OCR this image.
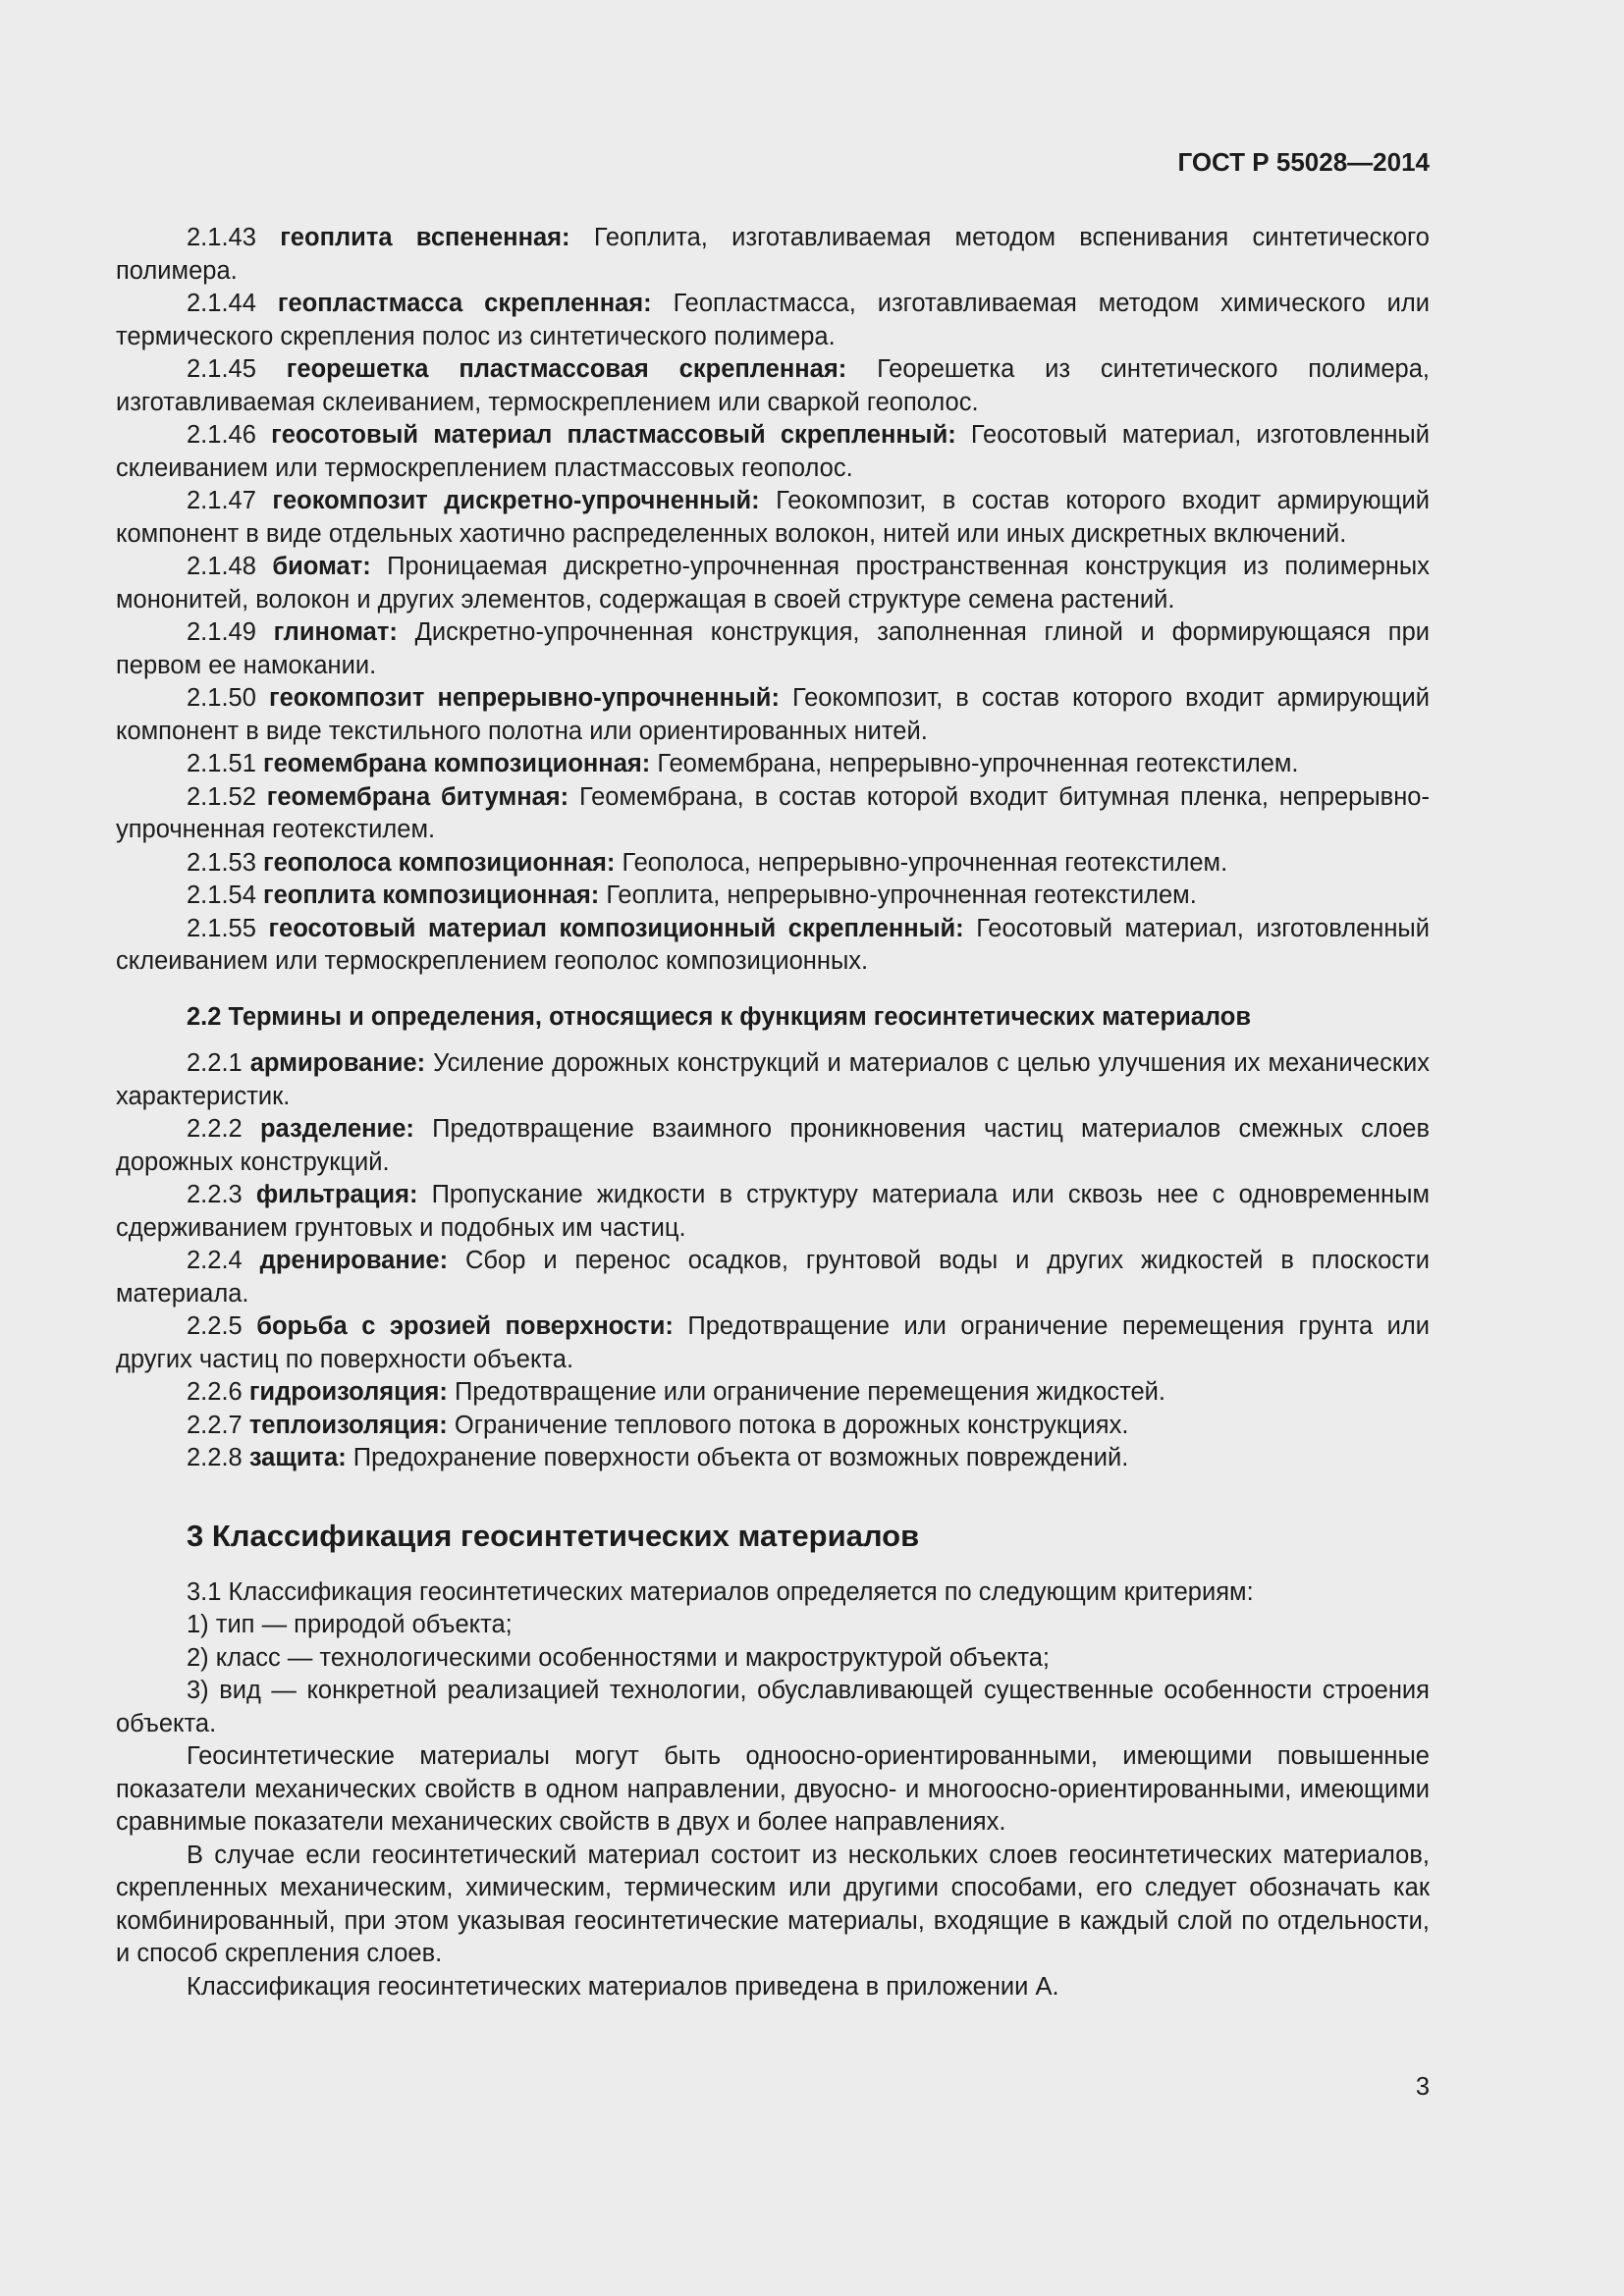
ГОСТ Р 55028—2014

2.1.43 геоплита вспененная: Геоплита, изготавливаемая методом вспенивания синтетического полимера.

2.1.44 геопластмасса скрепленная: Геопластмасса, изготавливаемая методом химического или термического скрепления полос из синтетического полимера.

2.1.45 георешетка пластмассовая скрепленная: Георешетка из синтетического полимера, изготавливаемая склеиванием, термоскреплением или сваркой геополос.

2.1.46 геосотовый материал пластмассовый скрепленный: Геосотовый материал, изготовленный склеиванием или термоскреплением пластмассовых геополос.

2.1.47 геокомпозит дискретно-упрочненный: Геокомпозит, в состав которого входит армирующий компонент в виде отдельных хаотично распределенных волокон, нитей или иных дискретных включений.

2.1.48 биомат: Проницаемая дискретно-упрочненная пространственная конструкция из полимерных мононитей, волокон и других элементов, содержащая в своей структуре семена растений.

2.1.49 глиномат: Дискретно-упрочненная конструкция, заполненная глиной и формирующаяся при первом ее намокании.

2.1.50 геокомпозит непрерывно-упрочненный: Геокомпозит, в состав которого входит армирующий компонент в виде текстильного полотна или ориентированных нитей.

2.1.51 геомембрана композиционная: Геомембрана, непрерывно-упрочненная геотекстилем.

2.1.52 геомембрана битумная: Геомембрана, в состав которой входит битумная пленка, непрерывно-упрочненная геотекстилем.

2.1.53 геополоса композиционная: Геополоса, непрерывно-упрочненная геотекстилем.

2.1.54 геоплита композиционная: Геоплита, непрерывно-упрочненная геотекстилем.

2.1.55 геосотовый материал композиционный скрепленный: Геосотовый материал, изготовленный склеиванием или термоскреплением геополос композиционных.

2.2 Термины и определения, относящиеся к функциям геосинтетических материалов

2.2.1 армирование: Усиление дорожных конструкций и материалов с целью улучшения их механических характеристик.

2.2.2 разделение: Предотвращение взаимного проникновения частиц материалов смежных слоев дорожных конструкций.

2.2.3 фильтрация: Пропускание жидкости в структуру материала или сквозь нее с одновременным сдерживанием грунтовых и подобных им частиц.

2.2.4 дренирование: Сбор и перенос осадков, грунтовой воды и других жидкостей в плоскости материала.

2.2.5 борьба с эрозией поверхности: Предотвращение или ограничение перемещения грунта или других частиц по поверхности объекта.

2.2.6 гидроизоляция: Предотвращение или ограничение перемещения жидкостей.

2.2.7 теплоизоляция: Ограничение теплового потока в дорожных конструкциях.

2.2.8 защита: Предохранение поверхности объекта от возможных повреждений.

3 Классификация геосинтетических материалов

3.1 Классификация геосинтетических материалов определяется по следующим критериям:

1) тип — природой объекта;

2) класс — технологическими особенностями и макроструктурой объекта;

3) вид — конкретной реализацией технологии, обуславливающей существенные особенности строения объекта.

Геосинтетические материалы могут быть одноосно-ориентированными, имеющими повышенные показатели механических свойств в одном направлении, двуосно- и многоосно-ориентированными, имеющими сравнимые показатели механических свойств в двух и более направлениях.

В случае если геосинтетический материал состоит из нескольких слоев геосинтетических материалов, скрепленных механическим, химическим, термическим или другими способами, его следует обозначать как комбинированный, при этом указывая геосинтетические материалы, входящие в каждый слой по отдельности, и способ скрепления слоев.

Классификация геосинтетических материалов приведена в приложении А.

3
